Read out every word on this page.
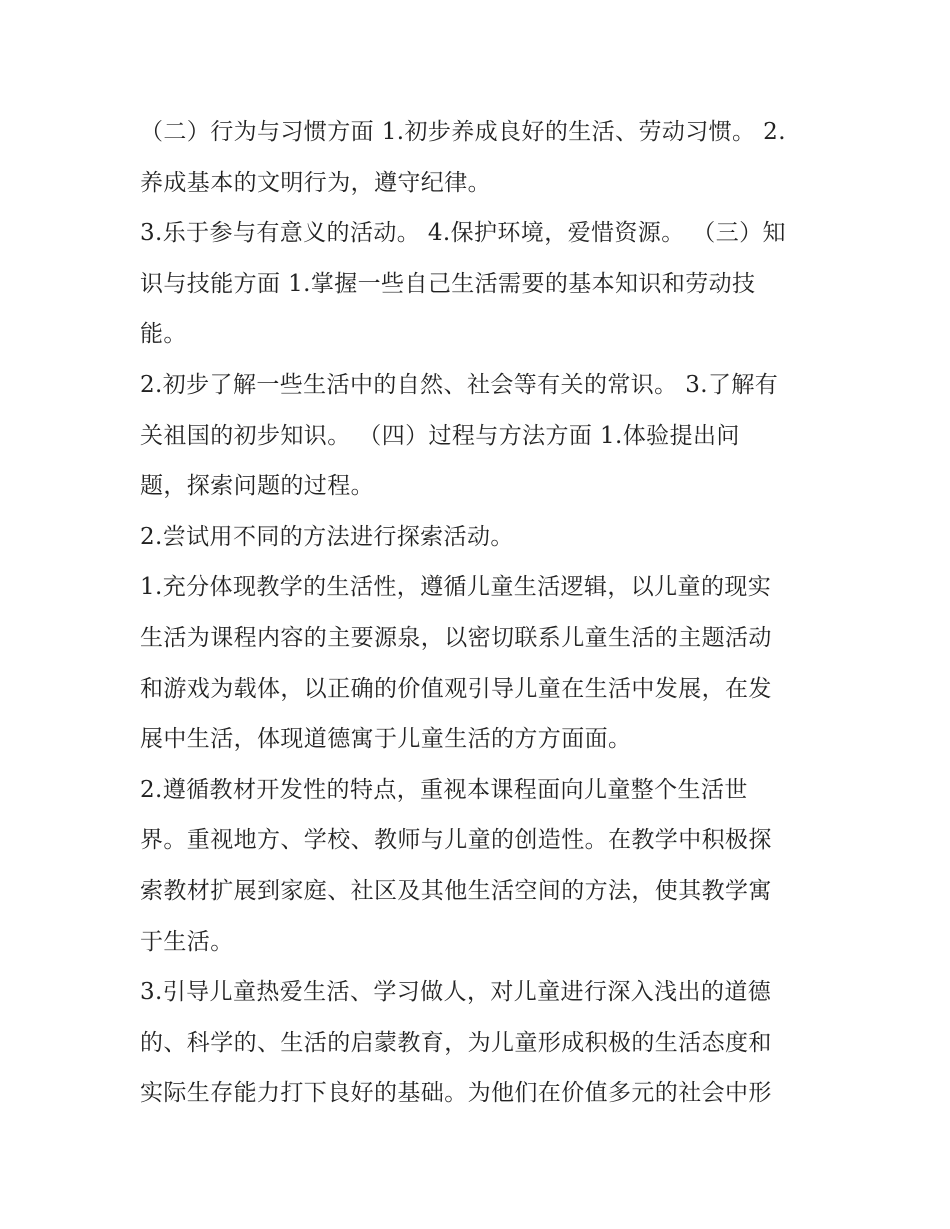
（二）行为与习惯方面 1.初步养成良好的生活、劳动习惯。 2.
养成基本的文明行为，遵守纪律。
3.乐于参与有意义的活动。 4.保护环境，爱惜资源。 （三）知
识与技能方面 1.掌握一些自己生活需要的基本知识和劳动技
能。
2.初步了解一些生活中的自然、社会等有关的常识。 3.了解有
关祖国的初步知识。 （四）过程与方法方面 1.体验提出问
题，探索问题的过程。
2.尝试用不同的方法进行探索活动。
1.充分体现教学的生活性，遵循儿童生活逻辑，以儿童的现实
生活为课程内容的主要源泉，以密切联系儿童生活的主题活动
和游戏为载体，以正确的价值观引导儿童在生活中发展，在发
展中生活，体现道德寓于儿童生活的方方面面。
2.遵循教材开发性的特点，重视本课程面向儿童整个生活世
界。重视地方、学校、教师与儿童的创造性。在教学中积极探
索教材扩展到家庭、社区及其他生活空间的方法，使其教学寓
于生活。
3.引导儿童热爱生活、学习做人，对儿童进行深入浅出的道德
的、科学的、生活的启蒙教育，为儿童形成积极的生活态度和
实际生存能力打下良好的基础。为他们在价值多元的社会中形
